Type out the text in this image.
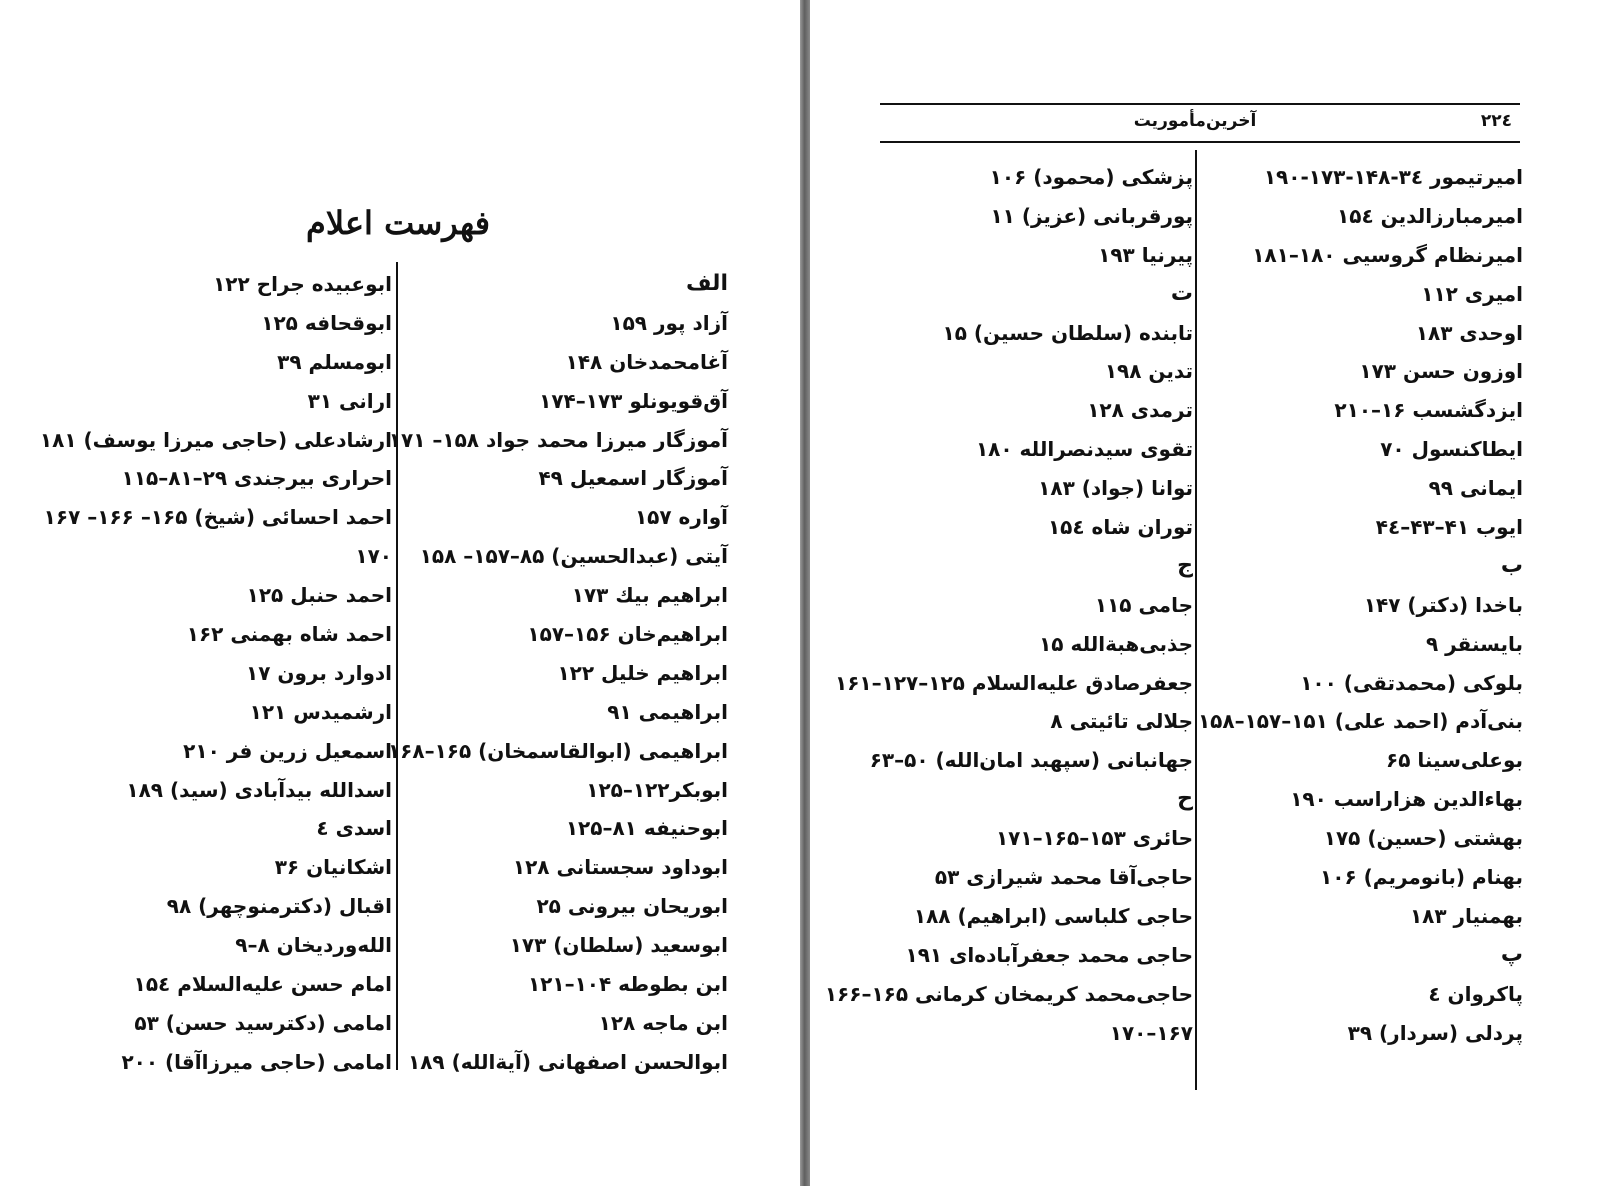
فهرست اعلام
الف
آزاد پور ۱۵۹
آغامحمدخان ۱۴۸
آق‌قویونلو ۱۷۳–۱۷۴
آموزگار میرزا محمد جواد ۱۵۸– ۱۷۱
آموزگار اسمعیل ۴۹
آواره ۱۵۷
آیتی (عبدالحسین) ۸۵–۱۵۷– ۱۵۸
ابراهیم بیك ۱۷۳
ابراهیم‌خان ۱۵۶–۱۵۷
ابراهیم خلیل ۱۲۲
ابراهیمی ۹۱
ابراهیمی (ابوالقاسمخان) ۱۶۵–۱۶۸
ابوبکر۱۲۲–۱۲۵
ابوحنیفه ۸۱–۱۲۵
ابوداود سجستانی ۱۲۸
ابوریحان بیرونی ۲۵
ابوسعید (سلطان) ۱۷۳
ابن بطوطه ۱۰۴–۱۲۱
ابن ماجه ۱۲۸
ابوالحسن اصفهانی (آیة‌الله) ۱۸۹
ابوعبیده جراح ۱۲۲
ابوقحافه ۱۲۵
ابومسلم ۳۹
ارانی ۳۱
ارشادعلی (حاجی میرزا یوسف) ۱۸۱
احراری بیرجندی ۲۹–۸۱–۱۱۵
احمد احسائی (شیخ) ۱۶۵– ۱۶۶– ۱۶۷
۱۷۰
احمد حنبل ۱۲۵
احمد شاه بهمنی ۱۶۲
ادوارد برون ۱۷
ارشمیدس ۱۲۱
اسمعیل زرین فر ۲۱۰
اسدالله بیدآبادی (سید) ۱۸۹
اسدی ٤
اشکانیان ۳۶
اقبال (دکترمنوچهر) ۹۸
الله‌وردیخان ۸–۹
امام حسن علیه‌السلام ۱۵٤
امامی (دکترسید حسن) ۵۳
امامی (حاجی میرزاآقا) ۲۰۰
آخرین‌مأموریت	۲۲٤
امیرتیمور ۳٤-۱۴۸-۱۷۳-۱۹۰
امیرمبارزالدین ۱۵٤
امیرنظام گروسیی ۱۸۰–۱۸۱
امیری ۱۱۲
اوحدی ۱۸۳
اوزون حسن ۱۷۳
ایزدگشسب ۱۶–۲۱۰
ایطاکنسول ۷۰
ایمانی ۹۹
ایوب ۴۱–۴۳–۴٤
ب
باخدا (دکتر) ۱۴۷
بایسنقر ۹
بلوکی (محمدتقی) ۱۰۰
بنی‌آدم (احمد علی) ۱۵۱–۱۵۷–۱۵۸
بوعلی‌سینا ۶۵
بهاءالدین هزاراسب ۱۹۰
بهشتی (حسین) ۱۷۵
بهنام (بانومریم) ۱۰۶
بهمنیار ۱۸۳
پ
پاکروان ٤
پردلی (سردار) ۳۹
پزشکی (محمود) ۱۰۶
پورقربانی (عزیز) ۱۱
پیرنیا ۱۹۳
ت
تابنده (سلطان حسین) ۱۵
تدین ۱۹۸
ترمدی ۱۲۸
تقوی سیدنصرالله ۱۸۰
توانا (جواد) ۱۸۳
توران شاه ۱۵٤
ج
جامی ۱۱۵
جذبی‌هبة‌الله ۱۵
جعفرصادق علیه‌السلام ۱۲۵–۱۲۷–۱۶۱
جلالی تائیتی ۸
جهانبانی (سپهبد امان‌الله) ۵۰–۶۳
ح
حائری ۱۵۳–۱۶۵–۱۷۱
حاجی‌آقا محمد شیرازی ۵۳
حاجی کلباسی (ابراهیم) ۱۸۸
حاجی محمد جعفرآباده‌ای ۱۹۱
حاجی‌محمد کریمخان کرمانی ۱۶۵–۱۶۶
۱۶۷–۱۷۰
